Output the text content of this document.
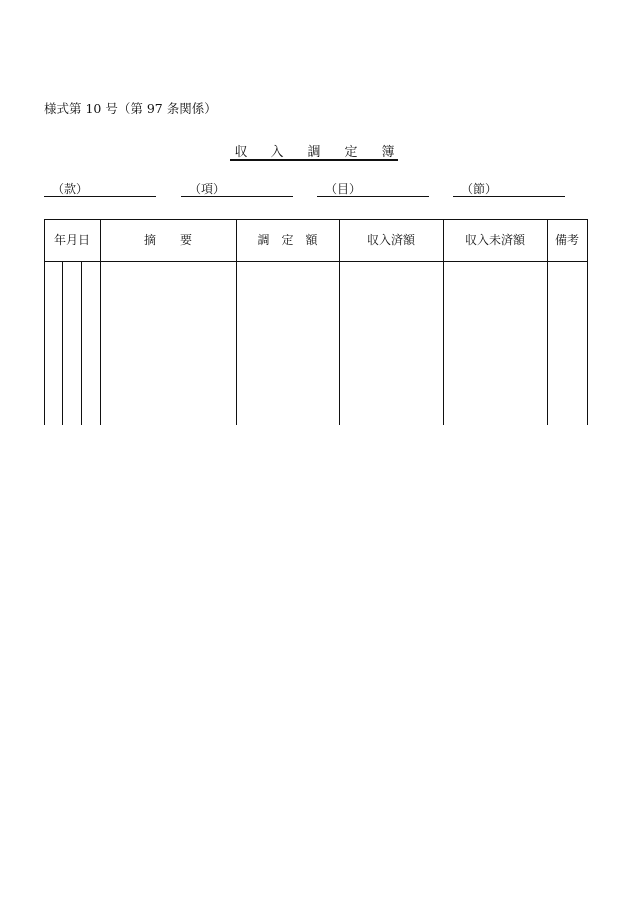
様式第 10 号（第 97 条関係）
収 入 調 定 簿
（款）	（項）	（目）	（節）
年月日	摘　　要	調　定　額	収入済額	収入未済額	備考
